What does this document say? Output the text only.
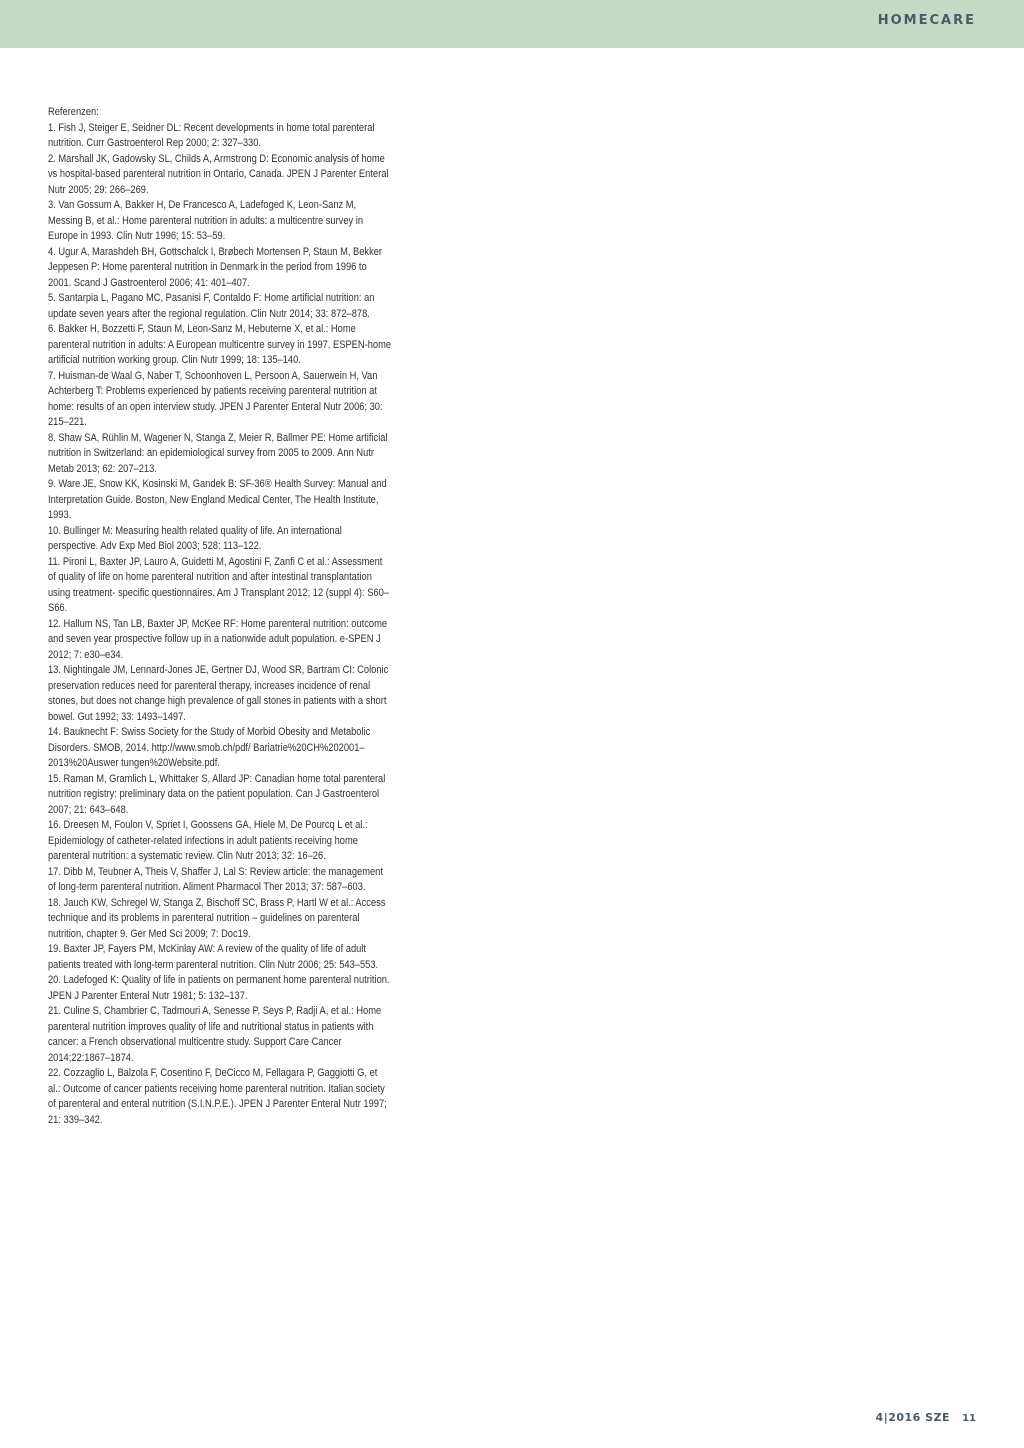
HOMECARE

Referenzen:

1. Fish J, Steiger E, Seidner DL: Recent developments in home total parenteral nutrition. Curr Gastroenterol Rep 2000; 2: 327–330.
2. Marshall JK, Gadowsky SL, Childs A, Armstrong D: Economic analysis of home vs hospital-based parenteral nutrition in Ontario, Canada. JPEN J Parenter Enteral Nutr 2005; 29: 266–269.
3. Van Gossum A, Bakker H, De Francesco A, Ladefoged K, Leon-Sanz M, Messing B, et al.: Home parenteral nutrition in adults: a multicentre survey in Europe in 1993. Clin Nutr 1996; 15: 53–59.
4. Ugur A, Marashdeh BH, Gottschalck I, Brøbech Mortensen P, Staun M, Bekker Jeppesen P: Home parenteral nutrition in Denmark in the period from 1996 to 2001. Scand J Gastroenterol 2006; 41: 401–407.
5. Santarpia L, Pagano MC, Pasanisi F, Contaldo F: Home artificial nutrition: an update seven years after the regional regulation. Clin Nutr 2014; 33: 872–878.
6. Bakker H, Bozzetti F, Staun M, Leon-Sanz M, Hebuterne X, et al.: Home parenteral nutrition in adults: A European multicentre survey in 1997. ESPEN-home artificial nutrition working group. Clin Nutr 1999; 18: 135–140.
7. Huisman-de Waal G, Naber T, Schoonhoven L, Persoon A, Sauerwein H, Van Achterberg T: Problems experienced by patients receiving parenteral nutrition at home: results of an open interview study. JPEN J Parenter Enteral Nutr 2006; 30: 215–221.
8. Shaw SA, Rühlin M, Wagener N, Stanga Z, Meier R, Ballmer PE: Home artificial nutrition in Switzerland: an epidemiological survey from 2005 to 2009. Ann Nutr Metab 2013; 62: 207–213.
9. Ware JE, Snow KK, Kosinski M, Gandek B: SF-36® Health Survey: Manual and Interpretation Guide. Boston, New England Medical Center, The Health Institute, 1993.
10. Bullinger M: Measuring health related quality of life. An international perspective. Adv Exp Med Biol 2003; 528: 113–122.
11. Pironi L, Baxter JP, Lauro A, Guidetti M, Agostini F, Zanfi C et al.: Assessment of quality of life on home parenteral nutrition and after intestinal transplantation using treatment- specific questionnaires. Am J Transplant 2012; 12 (suppl 4): S60–S66.
12. Hallum NS, Tan LB, Baxter JP, McKee RF: Home parenteral nutrition: outcome and seven year prospective follow up in a nationwide adult population. e-SPEN J 2012; 7: e30–e34.
13. Nightingale JM, Lennard-Jones JE, Gertner DJ, Wood SR, Bartram CI: Colonic preservation reduces need for parenteral therapy, increases incidence of renal stones, but does not change high prevalence of gall stones in patients with a short bowel. Gut 1992; 33: 1493–1497.
14. Bauknecht F: Swiss Society for the Study of Morbid Obesity and Metabolic Disorders. SMOB, 2014. http://www.smob.ch/pdf/ Bariatrie%20CH%202001–2013%20Auswer tungen%20Website.pdf.
15. Raman M, Gramlich L, Whittaker S, Allard JP: Canadian home total parenteral nutrition registry: preliminary data on the patient population. Can J Gastroenterol 2007; 21: 643–648.
16. Dreesen M, Foulon V, Spriet I, Goossens GA, Hiele M, De Pourcq L et al.: Epidemiology of catheter-related infections in adult patients receiving home parenteral nutrition: a systematic review. Clin Nutr 2013; 32: 16–26.
17. Dibb M, Teubner A, Theis V, Shaffer J, Lal S: Review article: the management of long-term parenteral nutrition. Aliment Pharmacol Ther 2013; 37: 587–603.
18. Jauch KW, Schregel W, Stanga Z, Bischoff SC, Brass P, Hartl W et al.: Access technique and its problems in parenteral nutrition – guidelines on parenteral nutrition, chapter 9. Ger Med Sci 2009; 7: Doc19.
19. Baxter JP, Fayers PM, McKinlay AW: A review of the quality of life of adult patients treated with long-term parenteral nutrition. Clin Nutr 2006; 25: 543–553.
20. Ladefoged K: Quality of life in patients on permanent home parenteral nutrition. JPEN J Parenter Enteral Nutr 1981; 5: 132–137.
21. Culine S, Chambrier C, Tadmouri A, Senesse P, Seys P, Radji A, et al.: Home parenteral nutrition improves quality of life and nutritional status in patients with cancer: a French observational multicentre study. Support Care Cancer 2014;22:1867–1874.
22. Cozzaglio L, Balzola F, Cosentino F, DeCicco M, Fellagara P, Gaggiotti G, et al.: Outcome of cancer patients receiving home parenteral nutrition. Italian society of parenteral and enteral nutrition (S.I.N.P.E.). JPEN J Parenter Enteral Nutr 1997; 21: 339–342.
4|2016 SZE 11
